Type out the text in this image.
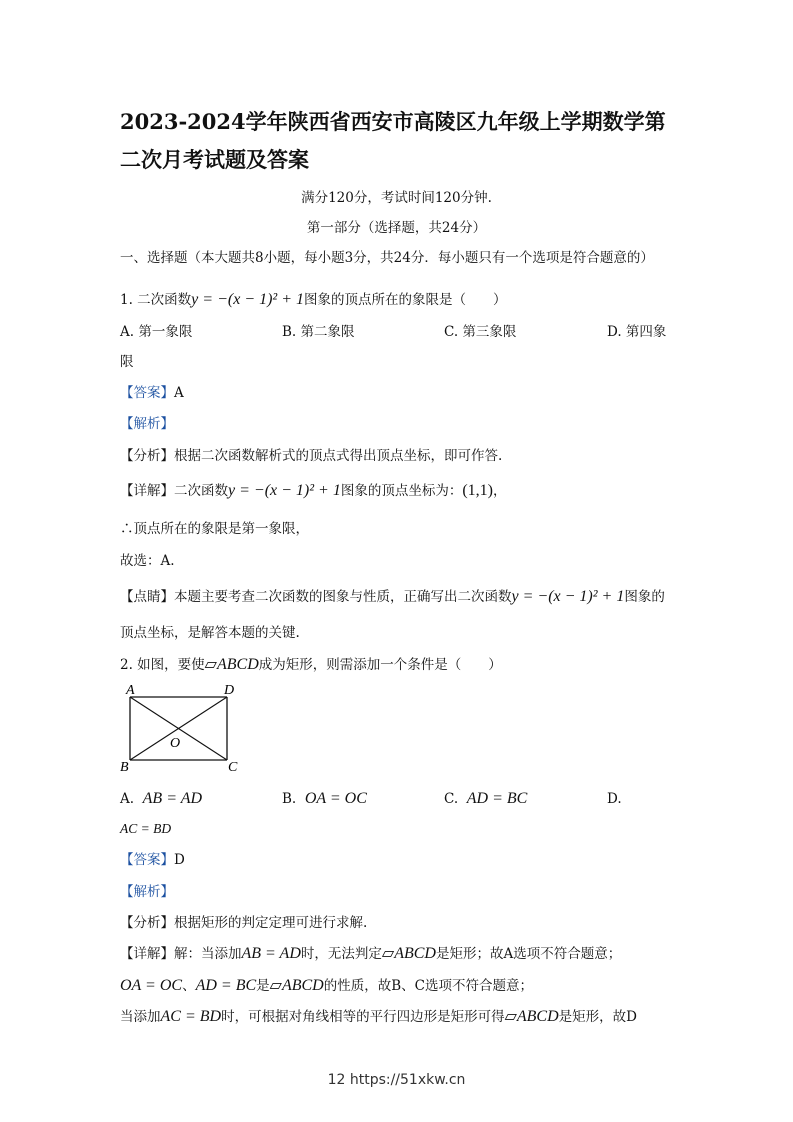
2023-2024学年陕西省西安市高陵区九年级上学期数学第二次月考试题及答案
满分120分，考试时间120分钟.
第一部分（选择题，共24分）
一、选择题（本大题共8小题，每小题3分，共24分．每小题只有一个选项是符合题意的）
1. 二次函数y = −(x − 1)² + 1图象的顶点所在的象限是（　　）
A. 第一象限	B. 第二象限	C. 第三象限	D. 第四象
限
【答案】A
【解析】
【分析】根据二次函数解析式的顶点式得出顶点坐标，即可作答.
【详解】二次函数y = −(x − 1)² + 1图象的顶点坐标为：(1,1)，
∴顶点所在的象限是第一象限，
故选：A.
【点睛】本题主要考查二次函数的图象与性质，正确写出二次函数y = −(x − 1)² + 1图象的
顶点坐标，是解答本题的关键.
2. 如图，要使▱ABCD成为矩形，则需添加一个条件是（　　）
A	D
B	C
O
A. AB = AD	B. OA = OC	C. AD = BC	D.
AC = BD
【答案】D
【解析】
【分析】根据矩形的判定定理可进行求解.
【详解】解：当添加AB = AD时，无法判定▱ABCD是矩形；故A选项不符合题意；
OA = OC、AD = BC是▱ABCD的性质，故B、C选项不符合题意；
当添加AC = BD时，可根据对角线相等的平行四边形是矩形可得▱ABCD是矩形，故D
12 https://51xkw.cn
